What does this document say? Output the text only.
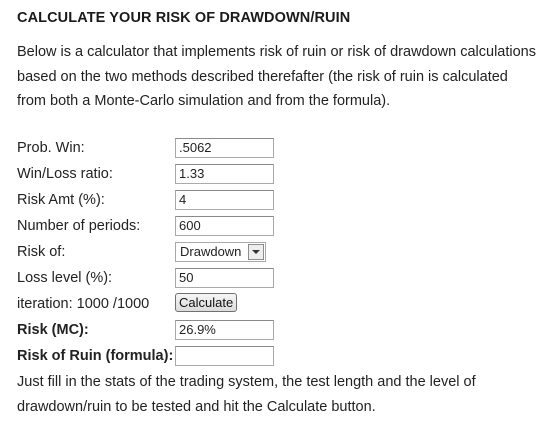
CALCULATE YOUR RISK OF DRAWDOWN/RUIN
Below is a calculator that implements risk of ruin or risk of drawdown calculations based on the two methods described therefafter (the risk of ruin is calculated from both a Monte-Carlo simulation and from the formula).
Prob. Win:	.5062
Win/Loss ratio:	1.33
Risk Amt (%):	4
Number of periods:	600
Risk of:	Drawdown
Loss level (%):	50
iteration: 1000 /1000	Calculate
Risk (MC):	26.9%
Risk of Ruin (formula):
Just fill in the stats of the trading system, the test length and the level of drawdown/ruin to be tested and hit the Calculate button.
